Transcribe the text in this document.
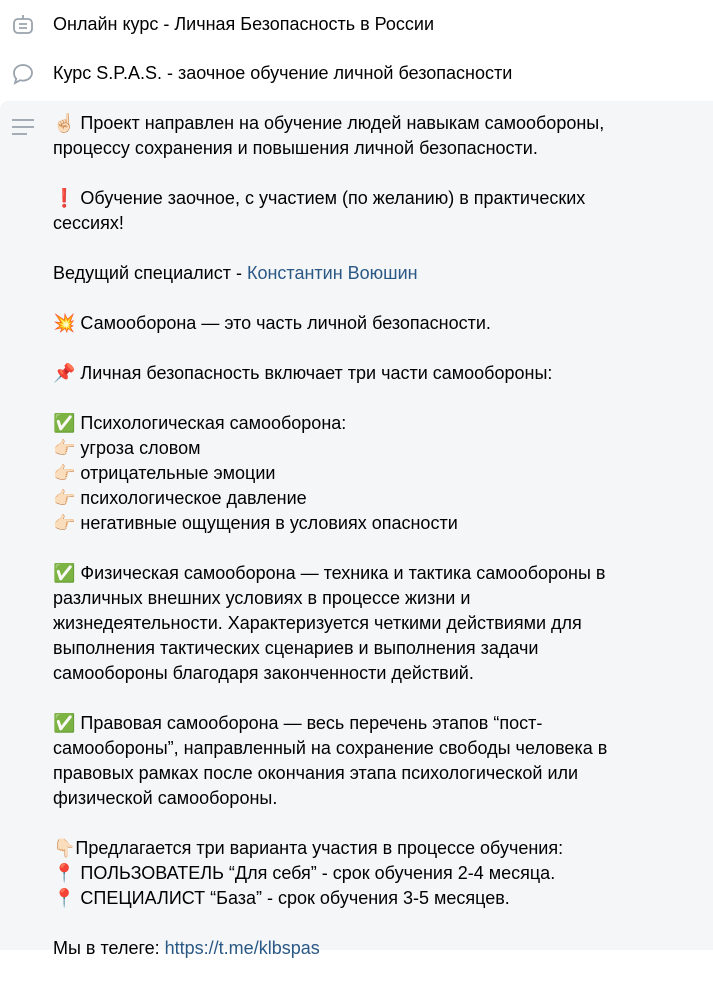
Онлайн курс - Личная Безопасность в России
Курс S.P.A.S. - заочное обучение личной безопасности
☝🏻 Проект направлен на обучение людей навыкам самообороны,
процессу сохранения и повышения личной безопасности.
❗ Обучение заочное, с участием (по желанию) в практических
сессиях!
Ведущий специалист - Константин Воюшин
💥 Самооборона — это часть личной безопасности.
📌 Личная безопасность включает три части самообороны:
✅ Психологическая самооборона:
👉🏻 угроза словом
👉🏻 отрицательные эмоции
👉🏻 психологическое давление
👉🏻 негативные ощущения в условиях опасности
✅ Физическая самооборона — техника и тактика самообороны в
различных внешних условиях в процессе жизни и
жизнедеятельности. Характеризуется четкими действиями для
выполнения тактических сценариев и выполнения задачи
самообороны благодаря законченности действий.
✅ Правовая самооборона — весь перечень этапов “пост-
самообороны”, направленный на сохранение свободы человека в
правовых рамках после окончания этапа психологической или
физической самообороны.
👇🏻Предлагается три варианта участия в процессе обучения:
📍 ПОЛЬЗОВАТЕЛЬ “Для себя” - срок обучения 2-4 месяца.
📍 СПЕЦИАЛИСТ “База” - срок обучения 3-5 месяцев.
Мы в телеге: https://t.me/klbspas
